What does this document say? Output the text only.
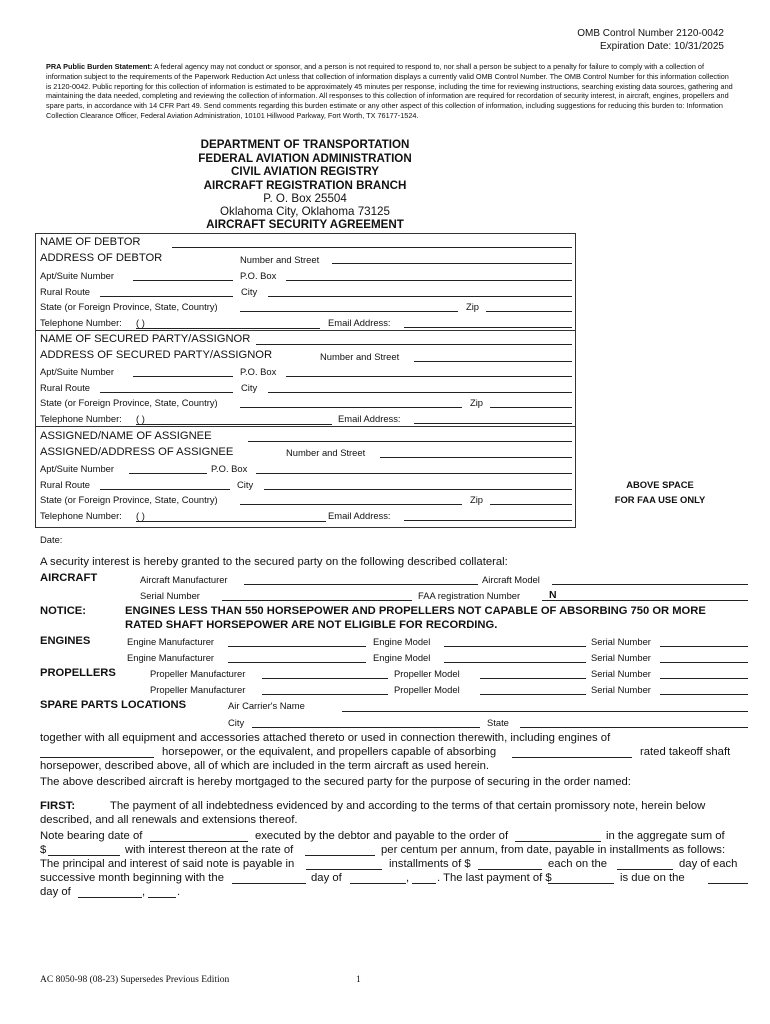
OMB Control Number 2120-0042
Expiration Date: 10/31/2025
PRA Public Burden Statement: A federal agency may not conduct or sponsor, and a person is not required to respond to, nor shall a person be subject to a penalty for failure to comply with a collection of information subject to the requirements of the Paperwork Reduction Act unless that collection of information displays a currently valid OMB Control Number. The OMB Control Number for this information collection is 2120-0042. Public reporting for this collection of information is estimated to be approximately 45 minutes per response, including the time for reviewing instructions, searching existing data sources, gathering and maintaining the data needed, completing and reviewing the collection of information. All responses to this collection of information are required for recordation of security interest, in aircraft, engines, propellers and spare parts, in accordance with 14 CFR Part 49. Send comments regarding this burden estimate or any other aspect of this collection of information, including suggestions for reducing this burden to: Information Collection Clearance Officer, Federal Aviation Administration, 10101 Hillwood Parkway, Fort Worth, TX 76177-1524.
DEPARTMENT OF TRANSPORTATION
FEDERAL AVIATION ADMINISTRATION
CIVIL AVIATION REGISTRY
AIRCRAFT REGISTRATION BRANCH
P. O. Box 25504
Oklahoma City, Oklahoma 73125
AIRCRAFT SECURITY AGREEMENT
NAME OF DEBTOR
ADDRESS OF DEBTOR	Number and Street
Apt/Suite Number	P.O. Box
Rural Route	City
State (or Foreign Province, State, Country)	Zip
Telephone Number: ( )	Email Address:
NAME OF SECURED PARTY/ASSIGNOR
ADDRESS OF SECURED PARTY/ASSIGNOR	Number and Street
Apt/Suite Number	P.O. Box
Rural Route	City
State (or Foreign Province, State, Country)	Zip
Telephone Number: ( )	Email Address:
ASSIGNED/NAME OF ASSIGNEE
ASSIGNED/ADDRESS OF ASSIGNEE	Number and Street
Apt/Suite Number	P.O. Box
Rural Route	City
State (or Foreign Province, State, Country)	Zip
Telephone Number: ( )	Email Address:
ABOVE SPACE
FOR FAA USE ONLY
Date:
A security interest is hereby granted to the secured party on the following described collateral:
AIRCRAFT	Aircraft Manufacturer	Aircraft Model
Serial Number	FAA registration Number	N
NOTICE:	ENGINES LESS THAN 550 HORSEPOWER AND PROPELLERS NOT CAPABLE OF ABSORBING 750 OR MORE
RATED SHAFT HORSEPOWER ARE NOT ELIGIBLE FOR RECORDING.
ENGINES	Engine Manufacturer	Engine Model	Serial Number
Engine Manufacturer	Engine Model	Serial Number
PROPELLERS	Propeller Manufacturer	Propeller Model	Serial Number
Propeller Manufacturer	Propeller Model	Serial Number
SPARE PARTS LOCATIONS	Air Carrier's Name
City	State
together with all equipment and accessories attached thereto or used in connection therewith, including engines of
horsepower, or the equivalent, and propellers capable of absorbing	rated takeoff shaft
horsepower, described above, all of which are included in the term aircraft as used herein.
The above described aircraft is hereby mortgaged to the secured party for the purpose of securing in the order named:
FIRST:	The payment of all indebtedness evidenced by and according to the terms of that certain promissory note, herein below
described, and all renewals and extensions thereof.
Note bearing date of	executed by the debtor and payable to the order of	in the aggregate sum of
$	with interest thereon at the rate of	per centum per annum, from date, payable in installments as follows:
The principal and interest of said note is payable in	installments of $	each on the	day of each
successive month beginning with the	day of	, . The last payment of $	is due on the
day of	,	.
AC 8050-98 (08-23) Supersedes Previous Edition	1
